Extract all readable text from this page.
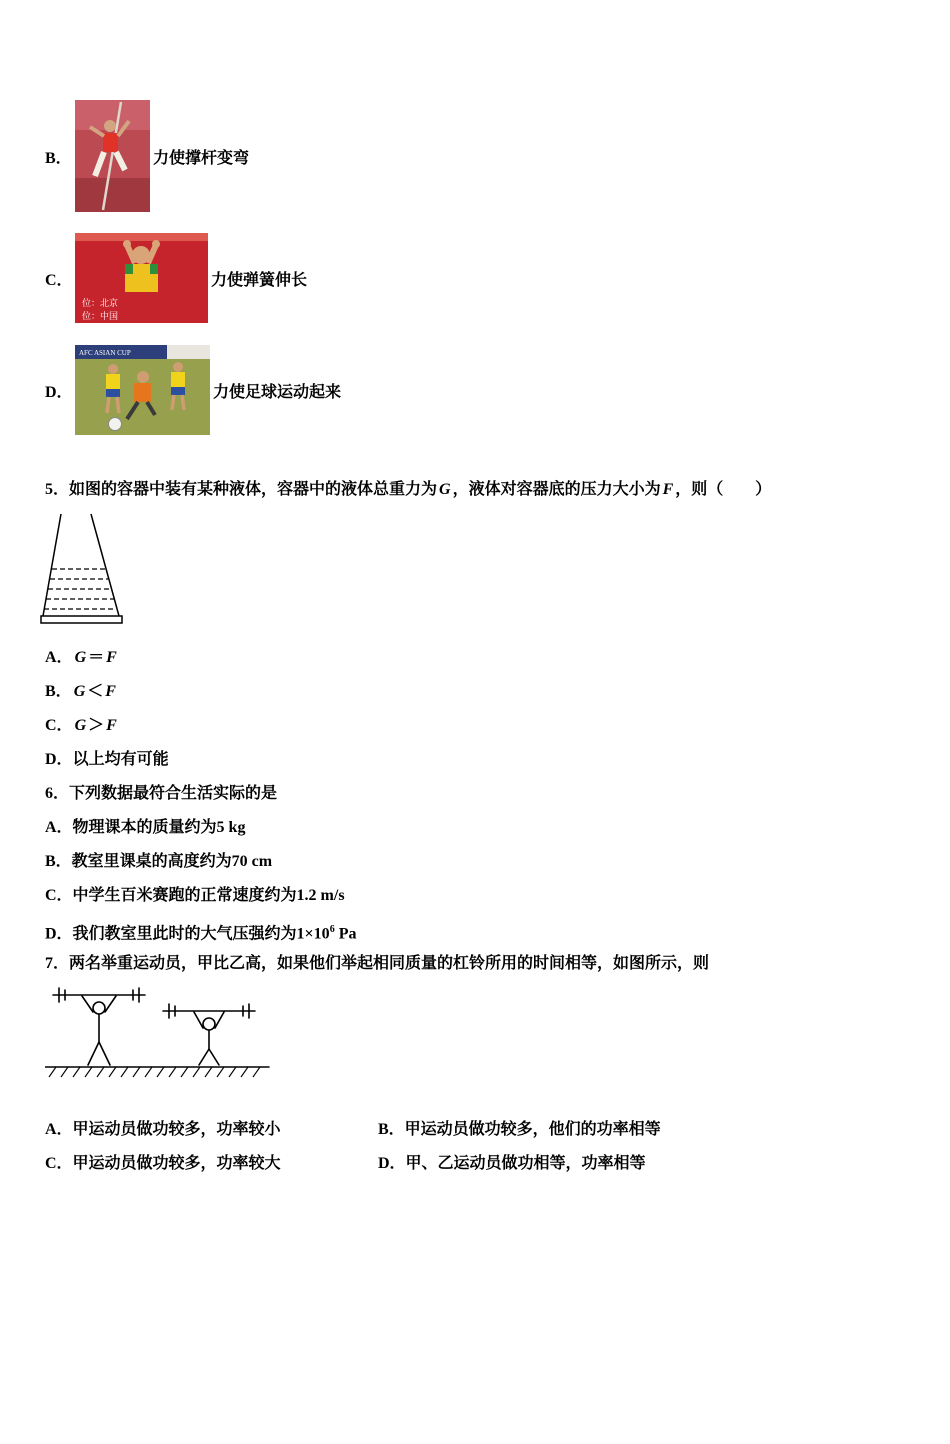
B．	力使撑杆变弯
C．
位：北京
位：中国
力使弹簧伸长
D．
AFC ASIAN CUP
力使足球运动起来
5．如图的容器中装有某种液体，容器中的液体总重力为 G ，液体对容器底的压力大小为 F ，则（　　）
A． G ＝ F
B． G ＜ F
C． G ＞ F
D．以上均有可能
6．下列数据最符合生活实际的是
A．物理课本的质量约为5 kg
B．教室里课桌的高度约为70 cm
C．中学生百米赛跑的正常速度约为1.2 m/s
D．我们教室里此时的大气压强约为$1\times 10^6$ Pa
7．两名举重运动员，甲比乙高，如果他们举起相同质量的杠铃所用的时间相等，如图所示，则
A．甲运动员做功较多，功率较小	B．甲运动员做功较多，他们的功率相等
C．甲运动员做功较多，功率较大	D．甲、乙运动员做功相等，功率相等
